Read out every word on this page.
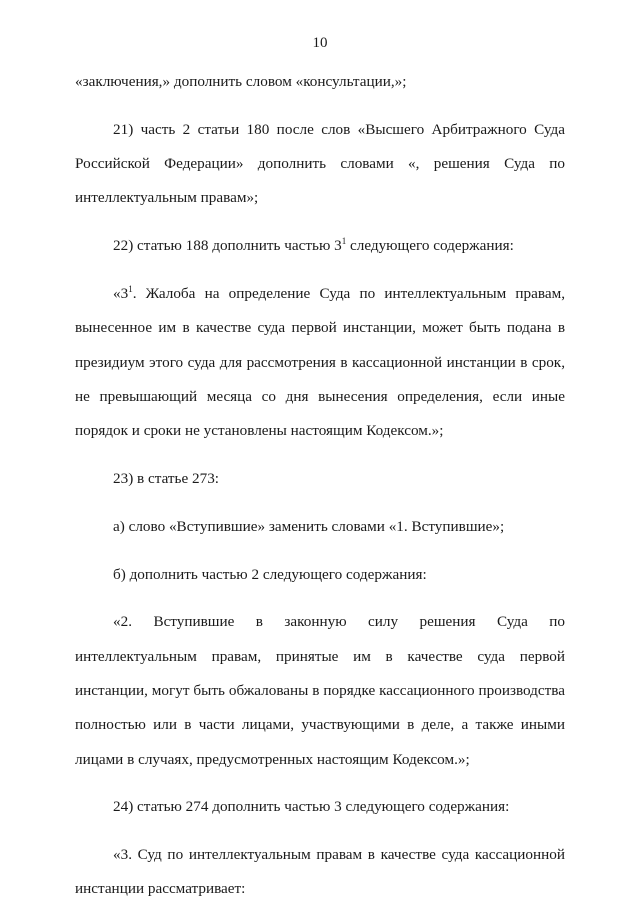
10

«заключения,» дополнить словом «консультации,»;

21) часть 2 статьи 180 после слов «Высшего Арбитражного Суда Российской Федерации» дополнить словами «, решения Суда по интеллектуальным правам»;

22) статью 188 дополнить частью $3^1$ следующего содержания:

«$3^1$. Жалоба на определение Суда по интеллектуальным правам, вынесенное им в качестве суда первой инстанции, может быть подана в президиум этого суда для рассмотрения в кассационной инстанции в срок, не превышающий месяца со дня вынесения определения, если иные порядок и сроки не установлены настоящим Кодексом.»;

23) в статье 273:

а) слово «Вступившие» заменить словами «1. Вступившие»;

б) дополнить частью 2 следующего содержания:

«2. Вступившие в законную силу решения Суда по

интеллектуальным правам, принятые им в качестве суда первой инстанции, могут быть обжалованы в порядке кассационного производства полностью или в части лицами, участвующими в деле, а также иными лицами в случаях, предусмотренных настоящим Кодексом.»;

24) статью 274 дополнить частью 3 следующего содержания:

«3. Суд по интеллектуальным правам в качестве суда кассационной инстанции рассматривает:
